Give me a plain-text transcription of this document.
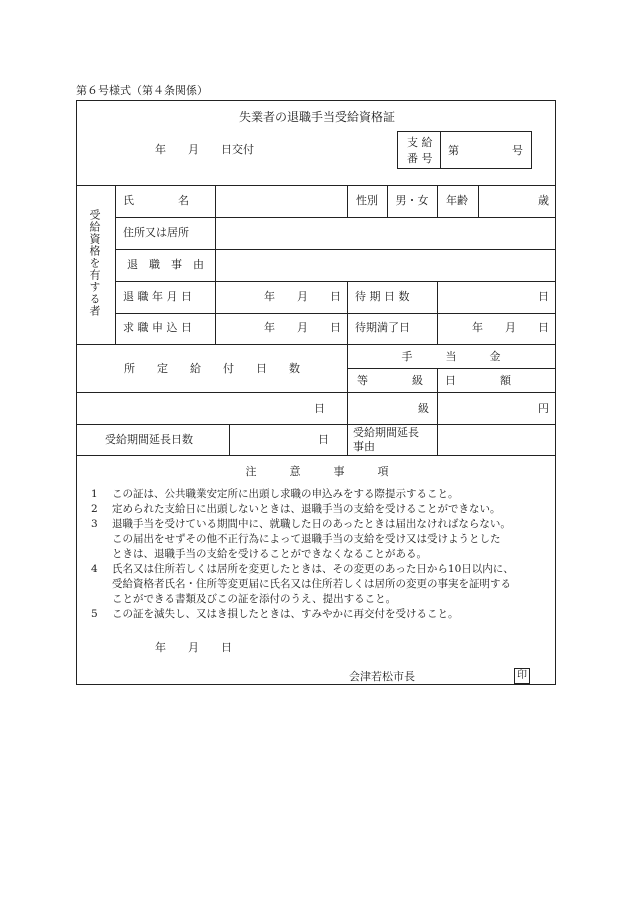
第６号様式（第４条関係）
失業者の退職手当受給資格証
年　　月　　日交付
支 給
番 号
第	号
受給資格を有する者
氏　　　　名	性別 男・女 年齢	歳
住所又は居所
退　職　事　由
退 職 年 月 日	年　　月　　日 待 期 日 数	日
求 職 申 込 日	年　　月　　日 待期満了日	年　　月　　日
所　　定　　給　　付　　日　　数
手　　　当　　　金
等　　　　級 日　　　　額
日	級	円
受給期間延長日数	日
受給期間延長
事由
注　　　意　　　事　　　項
1 この証は、公共職業安定所に出頭し求職の申込みをする際提示すること。
2 定められた支給日に出頭しないときは、退職手当の支給を受けることができない。
3 退職手当を受けている期間中に、就職した日のあったときは届出なければならない。
この届出をせずその他不正行為によって退職手当の支給を受け又は受けようとした
ときは、退職手当の支給を受けることができなくなることがある。
4 氏名又は住所若しくは居所を変更したときは、その変更のあった日から10日以内に、
受給資格者氏名・住所等変更届に氏名又は住所若しくは居所の変更の事実を証明する
ことができる書類及びこの証を添付のうえ、提出すること。
5 この証を滅失し、又はき損したときは、すみやかに再交付を受けること。
年　　月　　日
会津若松市長	印
